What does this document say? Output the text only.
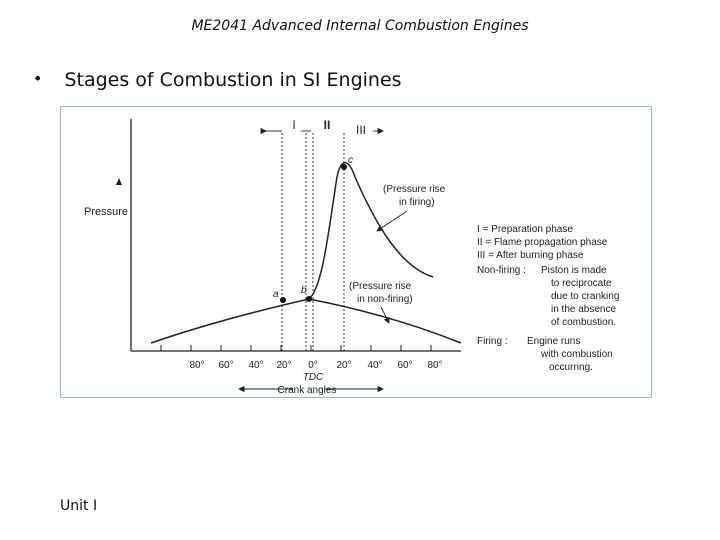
ME2041 Advanced Internal Combustion Engines
• Stages of Combustion in SI Engines
Pressure
I II III
a b
c
(Pressure rise
in firing)
(Pressure rise
in non-firing)
80° 60° 40° 20° 0° 20° 40° 60° 80°
TDC
Crank angles
I = Preparation phase
II = Flame propagation phase
III = After burning phase
Non-firing : Piston is made
to reciprocate
due to cranking
in the absence
of combustion.
Firing : Engine runs
with combustion
occurring.
Unit I
